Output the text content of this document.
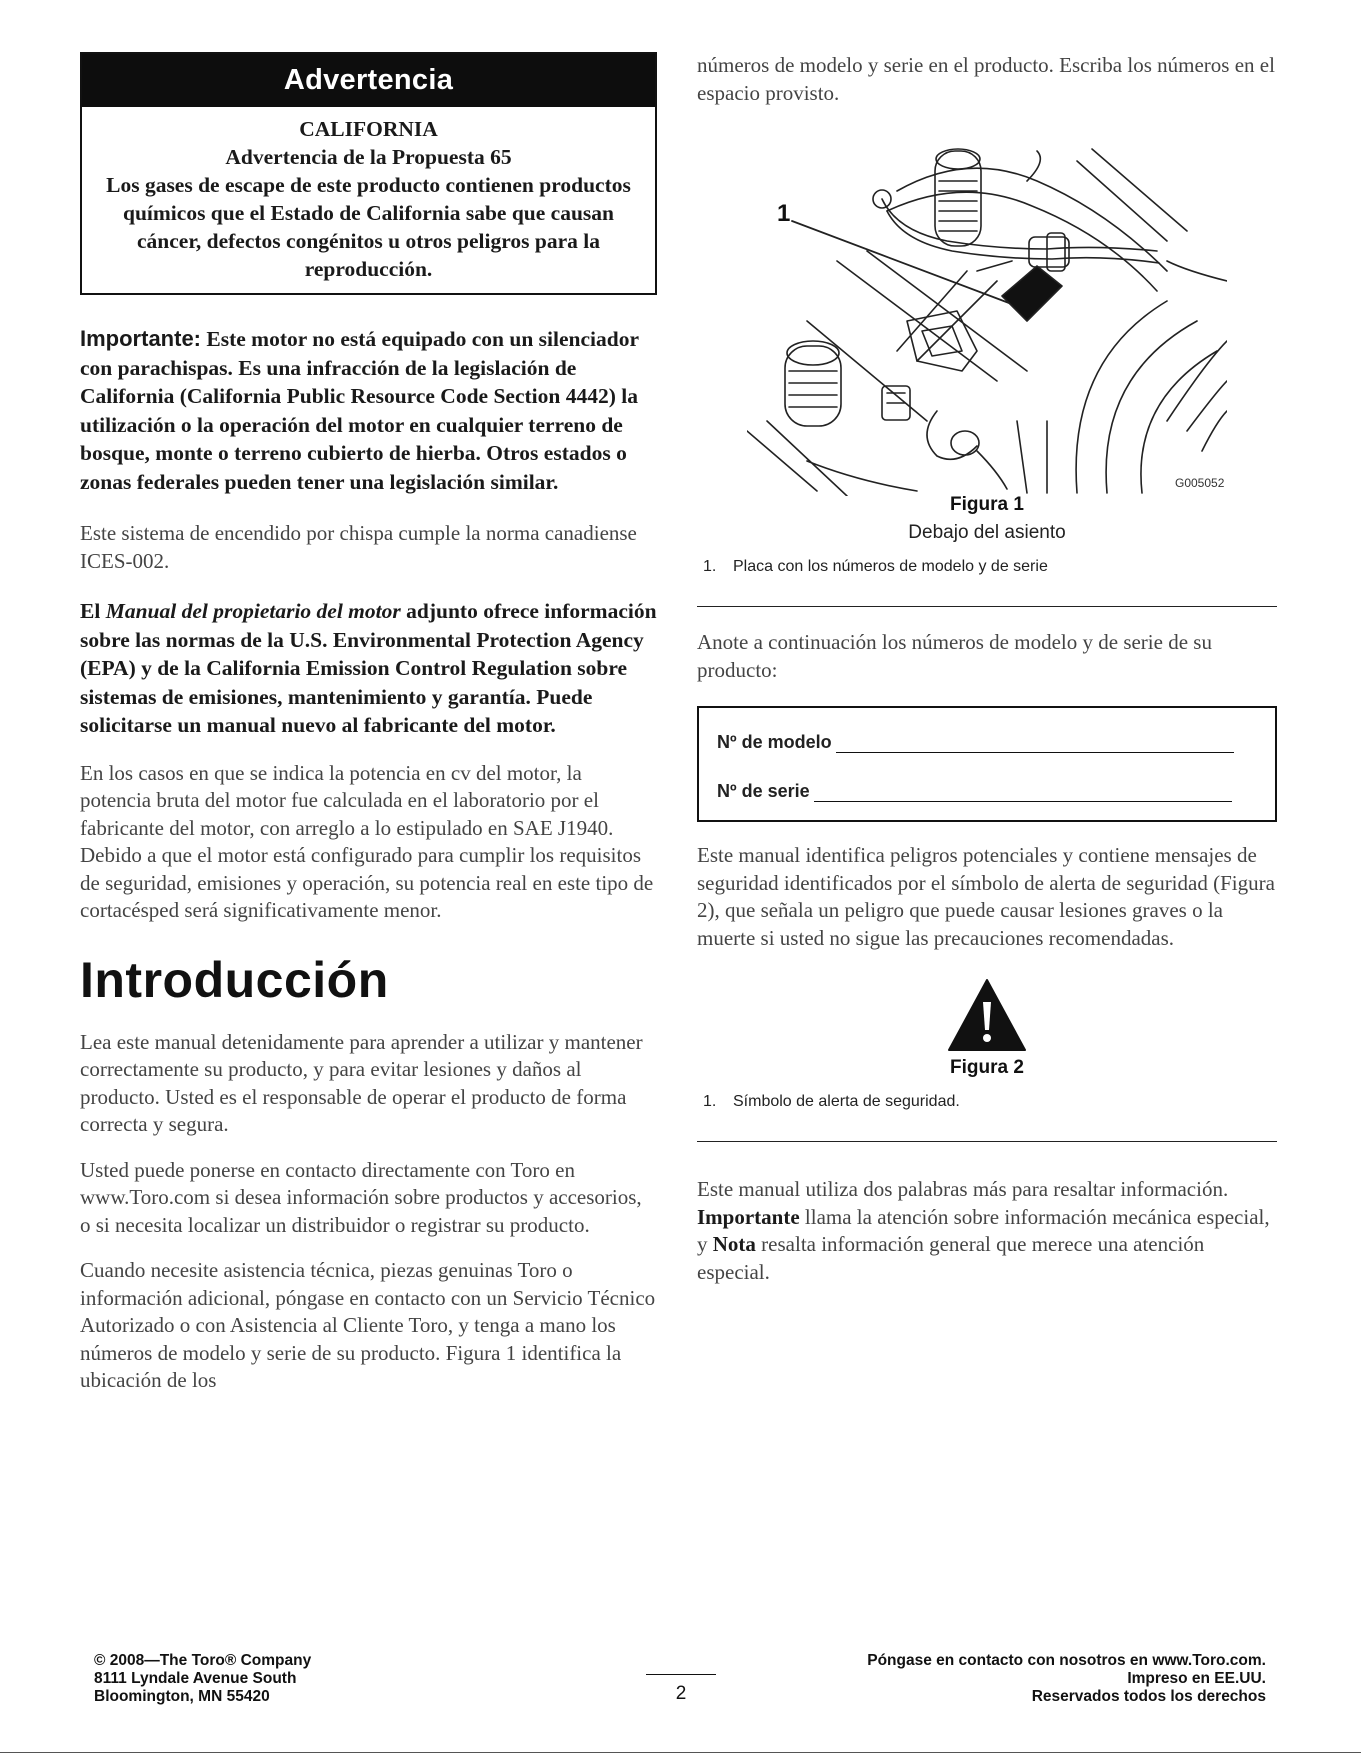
Advertencia

CALIFORNIA

Advertencia de la Propuesta 65

Los gases de escape de este producto contienen productos químicos que el Estado de California sabe que causan cáncer, defectos congénitos u otros peligros para la reproducción.

Importante: Este motor no está equipado con un silenciador con parachispas. Es una infracción de la legislación de California (California Public Resource Code Section 4442) la utilización o la operación del motor en cualquier terreno de bosque, monte o terreno cubierto de hierba. Otros estados o zonas federales pueden tener una legislación similar.

Este sistema de encendido por chispa cumple la norma canadiense ICES-002.

El Manual del propietario del motor adjunto ofrece información sobre las normas de la U.S. Environmental Protection Agency (EPA) y de la California Emission Control Regulation sobre sistemas de emisiones, mantenimiento y garantía. Puede solicitarse un manual nuevo al fabricante del motor.

En los casos en que se indica la potencia en cv del motor, la potencia bruta del motor fue calculada en el laboratorio por el fabricante del motor, con arreglo a lo estipulado en SAE J1940. Debido a que el motor está configurado para cumplir los requisitos de seguridad, emisiones y operación, su potencia real en este tipo de cortacésped será significativamente menor.

Introducción

Lea este manual detenidamente para aprender a utilizar y mantener correctamente su producto, y para evitar lesiones y daños al producto. Usted es el responsable de operar el producto de forma correcta y segura.

Usted puede ponerse en contacto directamente con Toro en www.Toro.com si desea información sobre productos y accesorios, o si necesita localizar un distribuidor o registrar su producto.

Cuando necesite asistencia técnica, piezas genuinas Toro o información adicional, póngase en contacto con un Servicio Técnico Autorizado o con Asistencia al Cliente Toro, y tenga a mano los números de modelo y serie de su producto. Figura 1 identifica la ubicación de los

números de modelo y serie en el producto. Escriba los números en el espacio provisto.

1
G005052
Figura 1
Debajo del asiento
1. Placa con los números de modelo y de serie

Anote a continuación los números de modelo y de serie de su producto:

Nº de modelo
Nº de serie

Este manual identifica peligros potenciales y contiene mensajes de seguridad identificados por el símbolo de alerta de seguridad (Figura 2), que señala un peligro que puede causar lesiones graves o la muerte si usted no sigue las precauciones recomendadas.

Figura 2
1. Símbolo de alerta de seguridad.

Este manual utiliza dos palabras más para resaltar información. Importante llama la atención sobre información mecánica especial, y Nota resalta información general que merece una atención especial.

© 2008—The Toro® Company
8111 Lyndale Avenue South
Bloomington, MN 55420	2
Póngase en contacto con nosotros en www.Toro.com.
Impreso en EE.UU.
Reservados todos los derechos
